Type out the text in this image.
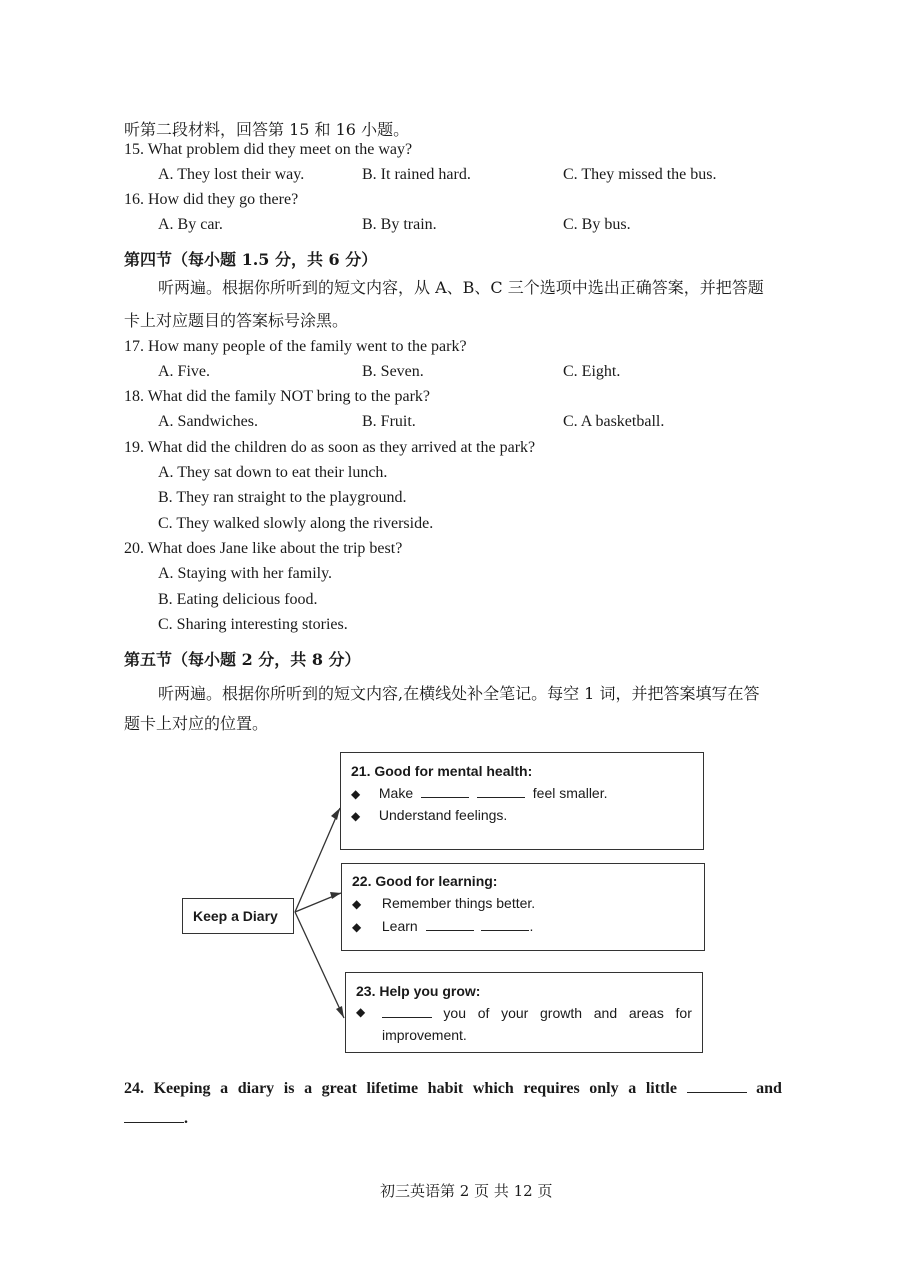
听第二段材料，回答第 15 和 16 小题。
15. What problem did they meet on the way?
A. They lost their way.	B. It rained hard.	C. They missed the bus.
16. How did they go there?
A. By car.	B. By train.	C. By bus.
第四节（每小题 1.5 分，共 6 分）
听两遍。根据你所听到的短文内容，从 A、B、C 三个选项中选出正确答案，并把答题
卡上对应题目的答案标号涂黑。
17. How many people of the family went to the park?
A. Five.	B. Seven.	C. Eight.
18. What did the family NOT bring to the park?
A. Sandwiches.	B. Fruit.	C. A basketball.
19. What did the children do as soon as they arrived at the park?
A. They sat down to eat their lunch.
B. They ran straight to the playground.
C. They walked slowly along the riverside.
20. What does Jane like about the trip best?
A. Staying with her family.
B. Eating delicious food.
C. Sharing interesting stories.
第五节（每小题 2 分，共 8 分）
听两遍。根据你所听到的短文内容,在横线处补全笔记。每空 1 词，并把答案填写在答
题卡上对应的位置。
Keep a Diary
21. Good for mental health:
◆ Make	feel smaller.
◆ Understand feelings.
22. Good for learning:
◆ Remember things better.
◆ Learn	.
23. Help you grow:
◆	you of your growth and areas for
improvement.
24. Keeping a diary is a great lifetime habit which requires only a little	and
.
初三英语第 2 页 共 12 页
